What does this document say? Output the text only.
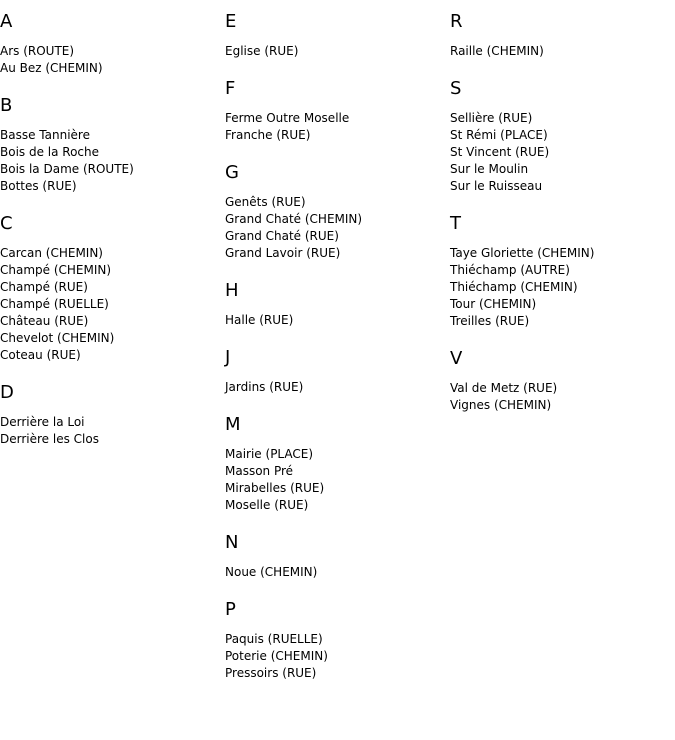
A
Ars (ROUTE)
Au Bez (CHEMIN)
B
Basse Tannière
Bois de la Roche
Bois la Dame (ROUTE)
Bottes (RUE)
C
Carcan (CHEMIN)
Champé (CHEMIN)
Champé (RUE)
Champé (RUELLE)
Château (RUE)
Chevelot (CHEMIN)
Coteau (RUE)
D
Derrière la Loi
Derrière les Clos
E
Eglise (RUE)
F
Ferme Outre Moselle
Franche (RUE)
G
Genêts (RUE)
Grand Chaté (CHEMIN)
Grand Chaté (RUE)
Grand Lavoir (RUE)
H
Halle (RUE)
J
Jardins (RUE)
M
Mairie (PLACE)
Masson Pré
Mirabelles (RUE)
Moselle (RUE)
N
Noue (CHEMIN)
P
Paquis (RUELLE)
Poterie (CHEMIN)
Pressoirs (RUE)
R
Raille (CHEMIN)
S
Sellière (RUE)
St Rémi (PLACE)
St Vincent (RUE)
Sur le Moulin
Sur le Ruisseau
T
Taye Gloriette (CHEMIN)
Thiéchamp (AUTRE)
Thiéchamp (CHEMIN)
Tour (CHEMIN)
Treilles (RUE)
V
Val de Metz (RUE)
Vignes (CHEMIN)
